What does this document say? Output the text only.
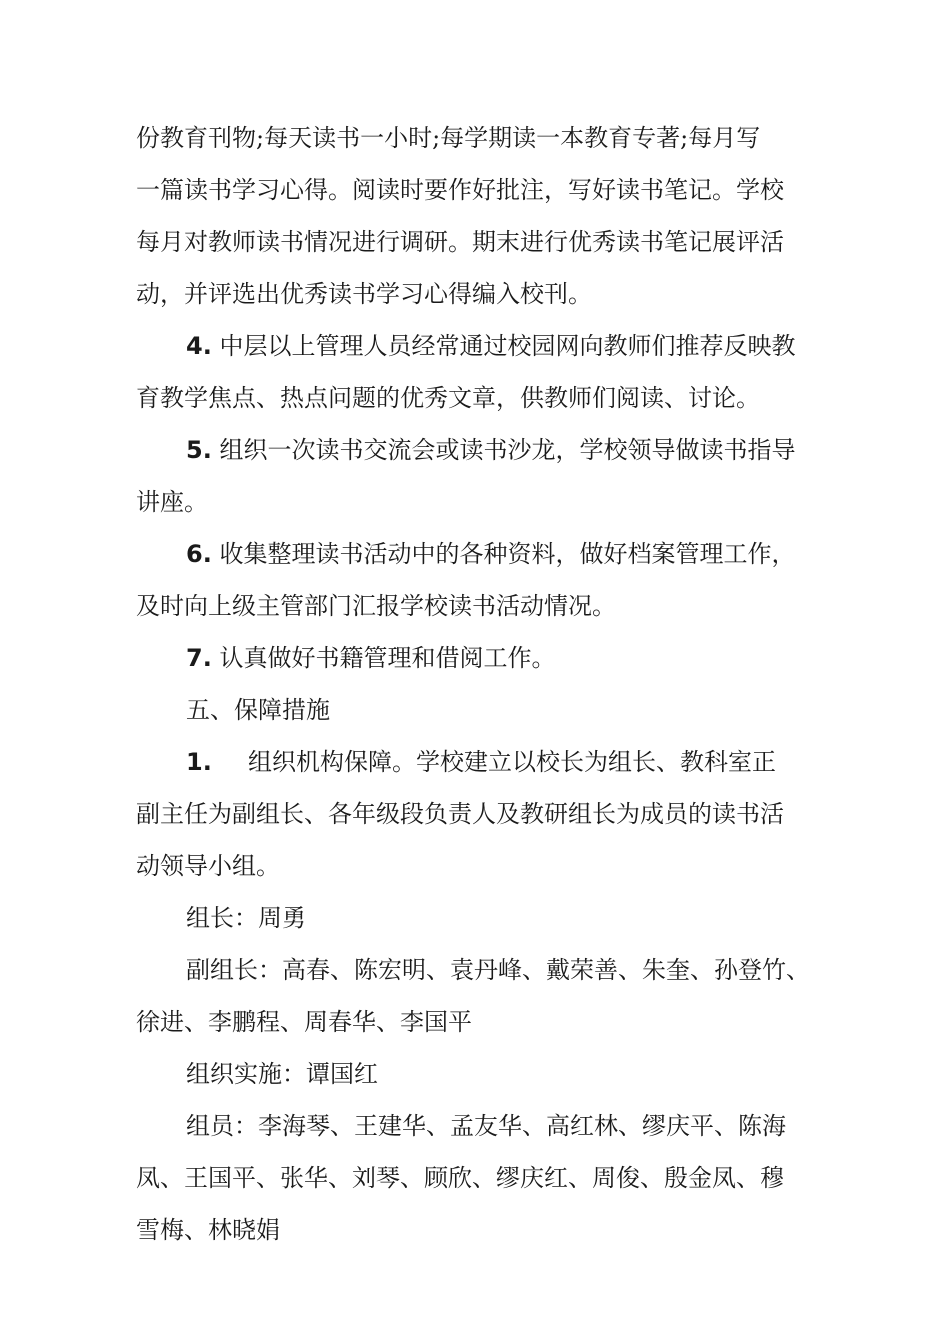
份教育刊物;每天读书一小时;每学期读一本教育专著;每月写
一篇读书学习心得。阅读时要作好批注，写好读书笔记。学校
每月对教师读书情况进行调研。期末进行优秀读书笔记展评活
动，并评选出优秀读书学习心得编入校刊。
4. 中层以上管理人员经常通过校园网向教师们推荐反映教
育教学焦点、热点问题的优秀文章，供教师们阅读、讨论。
5. 组织一次读书交流会或读书沙龙，学校领导做读书指导
讲座。
6. 收集整理读书活动中的各种资料，做好档案管理工作，
及时向上级主管部门汇报学校读书活动情况。
7. 认真做好书籍管理和借阅工作。
五、保障措施
1. 组织机构保障。学校建立以校长为组长、教科室正
副主任为副组长、各年级段负责人及教研组长为成员的读书活
动领导小组。
组长：周勇
副组长：高春、陈宏明、袁丹峰、戴荣善、朱奎、孙登竹、
徐进、李鹏程、周春华、李国平
组织实施：谭国红
组员：李海琴、王建华、孟友华、高红林、缪庆平、陈海
凤、王国平、张华、刘琴、顾欣、缪庆红、周俊、殷金凤、穆
雪梅、林晓娟
